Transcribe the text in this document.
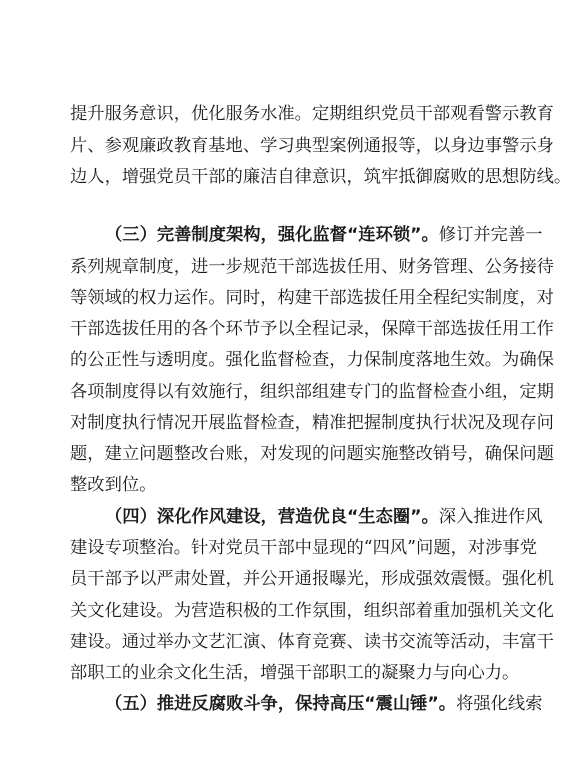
提升服务意识，优化服务水准。定期组织党员干部观看警示教育
片、参观廉政教育基地、学习典型案例通报等，以身边事警示身
边人，增强党员干部的廉洁自律意识，筑牢抵御腐败的思想防线。
（三）完善制度架构，强化监督“连环锁”。修订并完善一
系列规章制度，进一步规范干部选拔任用、财务管理、公务接待
等领域的权力运作。同时，构建干部选拔任用全程纪实制度，对
干部选拔任用的各个环节予以全程记录，保障干部选拔任用工作
的公正性与透明度。强化监督检查，力保制度落地生效。为确保
各项制度得以有效施行，组织部组建专门的监督检查小组，定期
对制度执行情况开展监督检查，精准把握制度执行状况及现存问
题，建立问题整改台账，对发现的问题实施整改销号，确保问题
整改到位。
（四）深化作风建设，营造优良“生态圈”。深入推进作风
建设专项整治。针对党员干部中显现的“四风”问题，对涉事党
员干部予以严肃处置，并公开通报曝光，形成强效震慑。强化机
关文化建设。为营造积极的工作氛围，组织部着重加强机关文化
建设。通过举办文艺汇演、体育竞赛、读书交流等活动，丰富干
部职工的业余文化生活，增强干部职工的凝聚力与向心力。
（五）推进反腐败斗争，保持高压“震山锤”。将强化线索
